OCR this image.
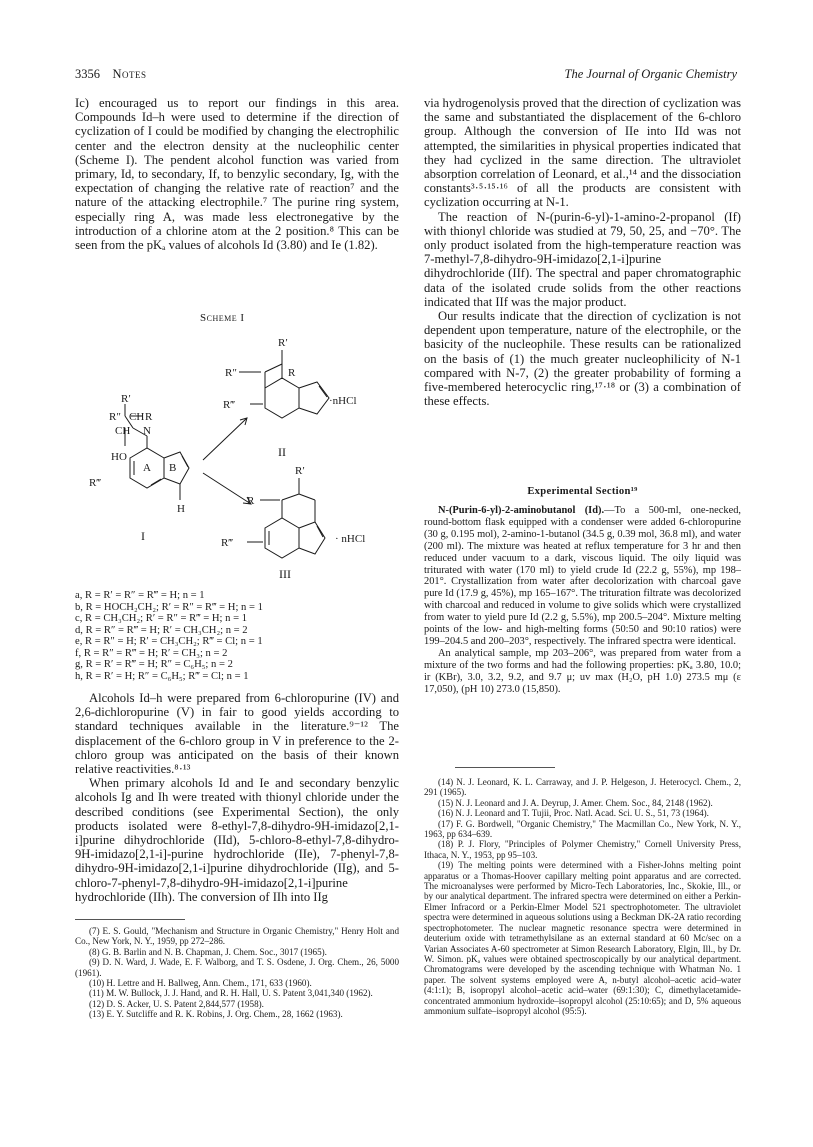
3356 Notes	The Journal of Organic Chemistry

Ic) encouraged us to report our findings in this area. Compounds Id–h were used to determine if the direction of cyclization of I could be modified by changing the electrophilic center and the electron density at the nucleophilic center (Scheme I). The pendent alcohol function was varied from primary, Id, to secondary, If, to benzylic secondary, Ig, with the expectation of changing the relative rate of reaction⁷ and the nature of the attacking electrophile.⁷ The purine ring system, especially ring A, was made less electronegative by the introduction of a chlorine atom at the 2 position.⁸ This can be seen from the pKₐ values of alcohols Id (3.80) and Ie (1.82).

Scheme I
R′
R″ CH R
CH N
HO
R‴
A B
H
I
R′
R″
R‴
R
·nHCl
II
R′
R
R‴	· nHCl
III
a, R = R′ = R″ = R‴ = H; n = 1
b, R = HOCH₂CH₂; R′ = R″ = R‴ = H; n = 1
c, R = CH₃CH₂; R′ = R″ = R‴ = H; n = 1
d, R = R″ = R‴ = H; R′ = CH₃CH₂; n = 2
e, R = R″ = H; R′ = CH₃CH₂; R‴ = Cl; n = 1
f, R = R″ = R‴ = H; R′ = CH₃; n = 2
g, R = R′ = R‴ = H; R″ = C₆H₅; n = 2
h, R = R′ = H; R″ = C₆H₅; R‴ = Cl; n = 1

Alcohols Id–h were prepared from 6-chloropurine (IV) and 2,6-dichloropurine (V) in fair to good yields according to standard techniques available in the literature.⁹⁻¹² The displacement of the 6-chloro group in V in preference to the 2-chloro group was anticipated on the basis of their known relative reactivities.⁸·¹³

When primary alcohols Id and Ie and secondary benzylic alcohols Ig and Ih were treated with thionyl chloride under the described conditions (see Experimental Section), the only products isolated were 8-ethyl-7,8-dihydro-9H-imidazo[2,1-i]purine dihydrochloride (IId), 5-chloro-8-ethyl-7,8-dihydro-9H-imidazo[2,1-i]-purine hydrochloride (IIe), 7-phenyl-7,8-dihydro-9H-imidazo[2,1-i]purine dihydrochloride (IIg), and 5-chloro-7-phenyl-7,8-dihydro-9H-imidazo[2,1-i]purine hydrochloride (IIh). The conversion of IIh into IIg

(7) E. S. Gould, "Mechanism and Structure in Organic Chemistry," Henry Holt and Co., New York, N. Y., 1959, pp 272–286.

(8) G. B. Barlin and N. B. Chapman, J. Chem. Soc., 3017 (1965).

(9) D. N. Ward, J. Wade, E. F. Walborg, and T. S. Osdene, J. Org. Chem., 26, 5000 (1961).

(10) H. Lettre and H. Ballweg, Ann. Chem., 171, 633 (1960).

(11) M. W. Bullock, J. J. Hand, and R. H. Hall, U. S. Patent 3,041,340 (1962).

(12) D. S. Acker, U. S. Patent 2,844,577 (1958).

(13) E. Y. Sutcliffe and R. K. Robins, J. Org. Chem., 28, 1662 (1963).

via hydrogenolysis proved that the direction of cyclization was the same and substantiated the displacement of the 6-chloro group. Although the conversion of IIe into IId was not attempted, the similarities in physical properties indicated that they had cyclized in the same direction. The ultraviolet absorption correlation of Leonard, et al.,¹⁴ and the dissociation constants³·⁵·¹⁵·¹⁶ of all the products are consistent with cyclization occurring at N-1.

The reaction of N-(purin-6-yl)-1-amino-2-propanol (If) with thionyl chloride was studied at 79, 50, 25, and −70°. The only product isolated from the high-temperature reaction was 7-methyl-7,8-dihydro-9H-imidazo[2,1-i]purine dihydrochloride (IIf). The spectral and paper chromatographic data of the isolated crude solids from the other reactions indicated that IIf was the major product.

Our results indicate that the direction of cyclization is not dependent upon temperature, nature of the electrophile, or the basicity of the nucleophile. These results can be rationalized on the basis of (1) the much greater nucleophilicity of N-1 compared with N-7, (2) the greater probability of forming a five-membered heterocyclic ring,¹⁷·¹⁸ or (3) a combination of these effects.

Experimental Section¹⁹

N-(Purin-6-yl)-2-aminobutanol (Id).—To a 500-ml, one-necked, round-bottom flask equipped with a condenser were added 6-chloropurine (30 g, 0.195 mol), 2-amino-1-butanol (34.5 g, 0.39 mol, 36.8 ml), and water (200 ml). The mixture was heated at reflux temperature for 3 hr and then reduced under vacuum to a dark, viscous liquid. The oily liquid was triturated with water (170 ml) to yield crude Id (22.2 g, 55%), mp 198–201°. Crystallization from water after decolorization with charcoal gave pure Id (17.9 g, 45%), mp 165–167°. The trituration filtrate was decolorized with charcoal and reduced in volume to give solids which were crystallized from water to yield pure Id (2.2 g, 5.5%), mp 200.5–204°. Mixture melting points of the low- and high-melting forms (50:50 and 90:10 ratios) were 199–204.5 and 200–203°, respectively. The infrared spectra were identical.

An analytical sample, mp 203–206°, was prepared from water from a mixture of the two forms and had the following properties: pKₐ 3.80, 10.0; ir (KBr), 3.0, 3.2, 9.2, and 9.7 μ; uv max (H₂O, pH 1.0) 273.5 mμ (ε 17,050), (pH 10) 273.0 (15,850).

(14) N. J. Leonard, K. L. Carraway, and J. P. Helgeson, J. Heterocycl. Chem., 2, 291 (1965).

(15) N. J. Leonard and J. A. Deyrup, J. Amer. Chem. Soc., 84, 2148 (1962).

(16) N. J. Leonard and T. Tujii, Proc. Natl. Acad. Sci. U. S., 51, 73 (1964).

(17) F. G. Bordwell, "Organic Chemistry," The Macmillan Co., New York, N. Y., 1963, pp 634–639.

(18) P. J. Flory, "Principles of Polymer Chemistry," Cornell University Press, Ithaca, N. Y., 1953, pp 95–103.

(19) The melting points were determined with a Fisher-Johns melting point apparatus or a Thomas-Hoover capillary melting point apparatus and are corrected. The microanalyses were performed by Micro-Tech Laboratories, Inc., Skokie, Ill., or by our analytical department. The infrared spectra were determined on either a Perkin-Elmer Infracord or a Perkin-Elmer Model 521 spectrophotometer. The ultraviolet spectra were determined in aqueous solutions using a Beckman DK-2A ratio recording spectrophotometer. The nuclear magnetic resonance spectra were determined in deuterium oxide with tetramethylsilane as an external standard at 60 Mc/sec on a Varian Associates A-60 spectrometer at Simon Research Laboratory, Elgin, Ill., by Dr. W. Simon. pKₐ values were obtained spectroscopically by our analytical department. Chromatograms were developed by the ascending technique with Whatman No. 1 paper. The solvent systems employed were A, n-butyl alcohol–acetic acid–water (4:1:1); B, isopropyl alcohol–acetic acid–water (69:1:30); C, dimethylacetamide-concentrated ammonium hydroxide–isopropyl alcohol (25:10:65); and D, 5% aqueous ammonium sulfate–isopropyl alcohol (95:5).
